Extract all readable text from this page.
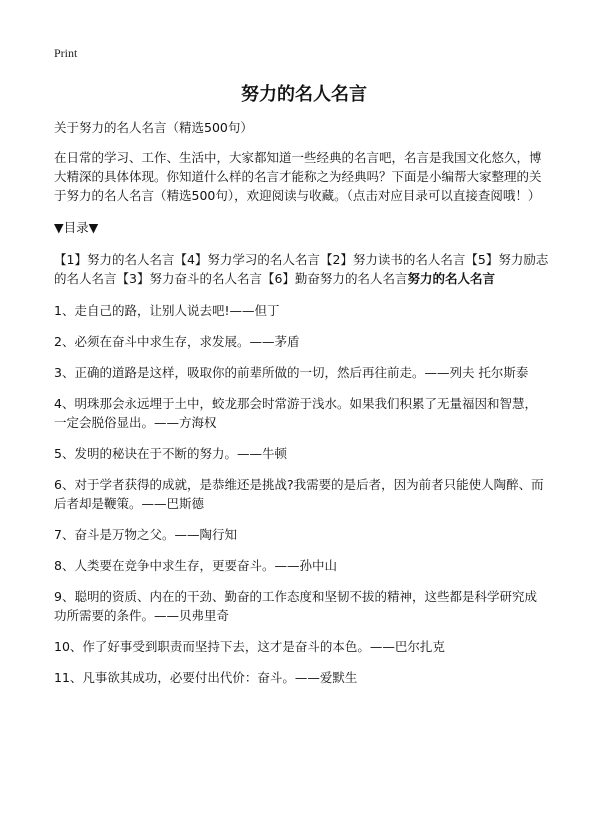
Print
努力的名人名言

关于努力的名人名言（精选500句）

在日常的学习、工作、生活中，大家都知道一些经典的名言吧，名言是我国文化悠久，博大精深的具体体现。你知道什么样的名言才能称之为经典吗？下面是小编帮大家整理的关于努力的名人名言（精选500句），欢迎阅读与收藏。（点击对应目录可以直接查阅哦！）

▼目录▼

【1】努力的名人名言【4】努力学习的名人名言【2】努力读书的名人名言【5】努力励志的名人名言【3】努力奋斗的名人名言【6】勤奋努力的名人名言努力的名人名言

1、走自己的路，让别人说去吧!——但丁

2、必须在奋斗中求生存，求发展。——茅盾

3、正确的道路是这样，吸取你的前辈所做的一切，然后再往前走。——列夫 托尔斯泰

4、明珠那会永远埋于土中，蛟龙那会时常游于浅水。如果我们积累了无量福因和智慧，一定会脱俗显出。——方海权

5、发明的秘诀在于不断的努力。——牛顿

6、对于学者获得的成就，是恭维还是挑战?我需要的是后者，因为前者只能使人陶醉、而后者却是鞭策。——巴斯德

7、奋斗是万物之父。——陶行知

8、人类要在竞争中求生存，更要奋斗。——孙中山

9、聪明的资质、内在的干劲、勤奋的工作态度和坚韧不拔的精神，这些都是科学研究成功所需要的条件。——贝弗里奇

10、作了好事受到职责而坚持下去，这才是奋斗的本色。——巴尔扎克

11、凡事欲其成功，必要付出代价：奋斗。——爱默生
